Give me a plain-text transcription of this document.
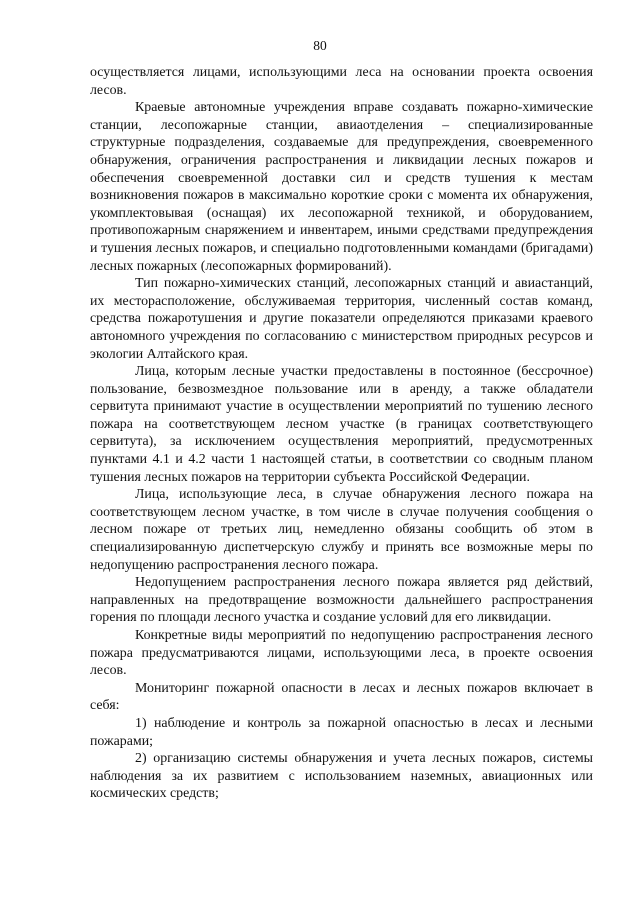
80

осуществляется лицами, использующими леса на основании проекта освоения лесов.

Краевые автономные учреждения вправе создавать пожарно-химические станции, лесопожарные станции, авиаотделения – специализированные структурные подразделения, создаваемые для предупреждения, своевременного обнаружения, ограничения распространения и ликвидации лесных пожаров и обеспечения своевременной доставки сил и средств тушения к местам возникновения пожаров в максимально короткие сроки с момента их обнаружения, укомплектовывая (оснащая) их лесопожарной техникой, и оборудованием, противопожарным снаряжением и инвентарем, иными средствами предупреждения и тушения лесных пожаров, и специально подготовленными командами (бригадами) лесных пожарных (лесопожарных формирований).

Тип пожарно-химических станций, лесопожарных станций и авиастанций, их месторасположение, обслуживаемая территория, численный состав команд, средства пожаротушения и другие показатели определяются приказами краевого автономного учреждения по согласованию с министерством природных ресурсов и экологии Алтайского края.

Лица, которым лесные участки предоставлены в постоянное (бессрочное) пользование, безвозмездное пользование или в аренду, а также обладатели сервитута принимают участие в осуществлении мероприятий по тушению лесного пожара на соответствующем лесном участке (в границах соответствующего сервитута), за исключением осуществления мероприятий, предусмотренных пунктами 4.1 и 4.2 части 1 настоящей статьи, в соответствии со сводным планом тушения лесных пожаров на территории субъекта Российской Федерации.

Лица, использующие леса, в случае обнаружения лесного пожара на соответствующем лесном участке, в том числе в случае получения сообщения о лесном пожаре от третьих лиц, немедленно обязаны сообщить об этом в специализированную диспетчерскую службу и принять все возможные меры по недопущению распространения лесного пожара.

Недопущением распространения лесного пожара является ряд действий, направленных на предотвращение возможности дальнейшего распространения горения по площади лесного участка и создание условий для его ликвидации.

Конкретные виды мероприятий по недопущению распространения лесного пожара предусматриваются лицами, использующими леса, в проекте освоения лесов.

Мониторинг пожарной опасности в лесах и лесных пожаров включает в себя:

1) наблюдение и контроль за пожарной опасностью в лесах и лесными пожарами;

2) организацию системы обнаружения и учета лесных пожаров, системы наблюдения за их развитием с использованием наземных, авиационных или космических средств;
